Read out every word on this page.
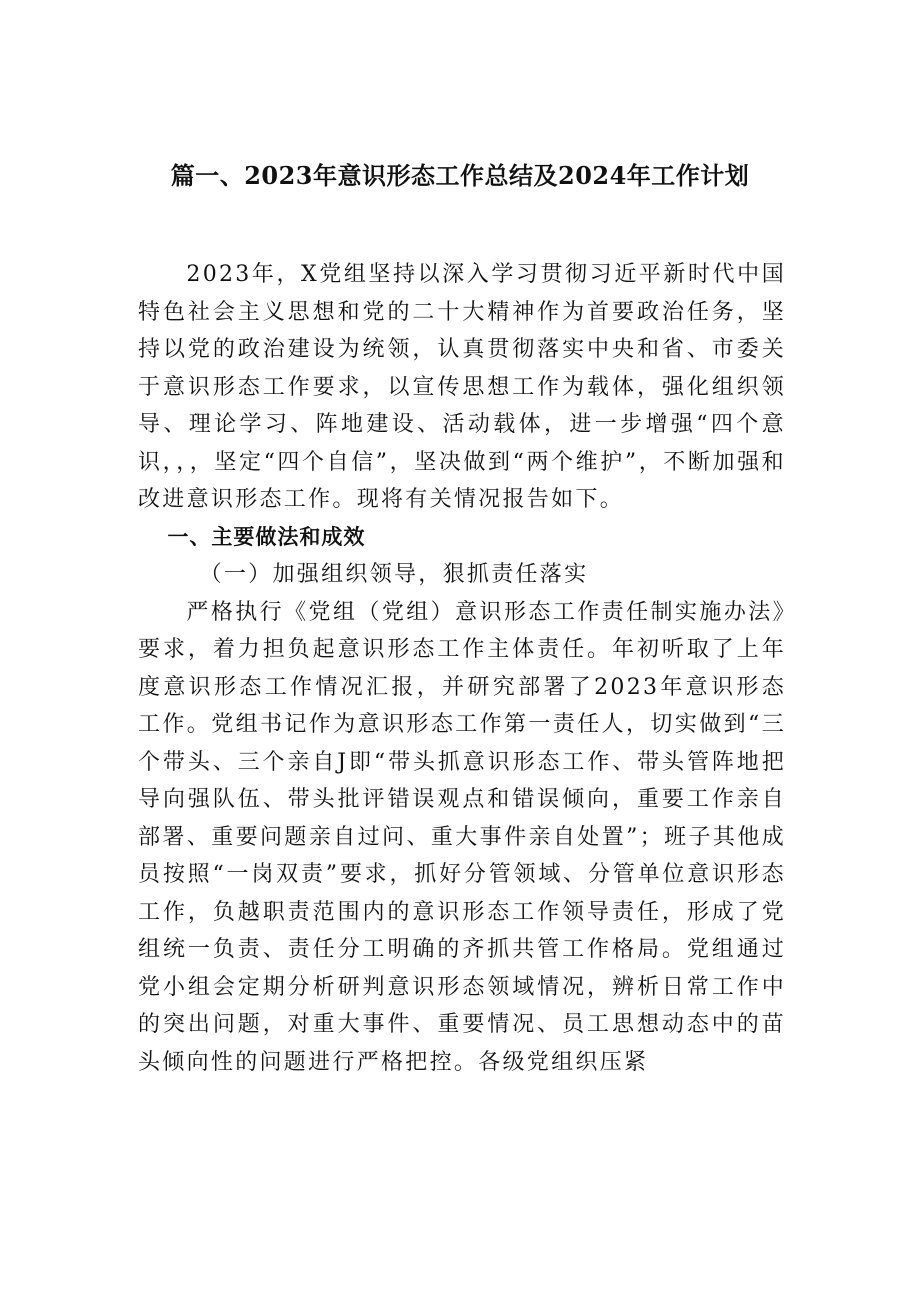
篇一、2023年意识形态工作总结及2024年工作计划

2023年，X党组坚持以深入学习贯彻习近平新时代中国特色社会主义思想和党的二十大精神作为首要政治任务，坚持以党的政治建设为统领，认真贯彻落实中央和省、市委关于意识形态工作要求，以宣传思想工作为载体，强化组织领导、理论学习、阵地建设、活动载体，进一步增强“四个意识，，，坚定“四个自信”，坚决做到“两个维护”，不断加强和改进意识形态工作。现将有关情况报告如下。

一、主要做法和成效

（一）加强组织领导，狠抓责任落实

严格执行《党组（党组）意识形态工作责任制实施办法》要求，着力担负起意识形态工作主体责任。年初听取了上年度意识形态工作情况汇报，并研究部署了2023年意识形态工作。党组书记作为意识形态工作第一责任人，切实做到“三个带头、三个亲自J即“带头抓意识形态工作、带头管阵地把导向强队伍、带头批评错误观点和错误倾向，重要工作亲自部署、重要问题亲自过问、重大事件亲自处置”；班子其他成员按照“一岗双责”要求，抓好分管领域、分管单位意识形态工作，负越职责范围内的意识形态工作领导责任，形成了党组统一负责、责任分工明确的齐抓共管工作格局。党组通过党小组会定期分析研判意识形态领域情况，辨析日常工作中的突出问题，对重大事件、重要情况、员工思想动态中的苗头倾向性的问题进行严格把控。各级党组织压紧
